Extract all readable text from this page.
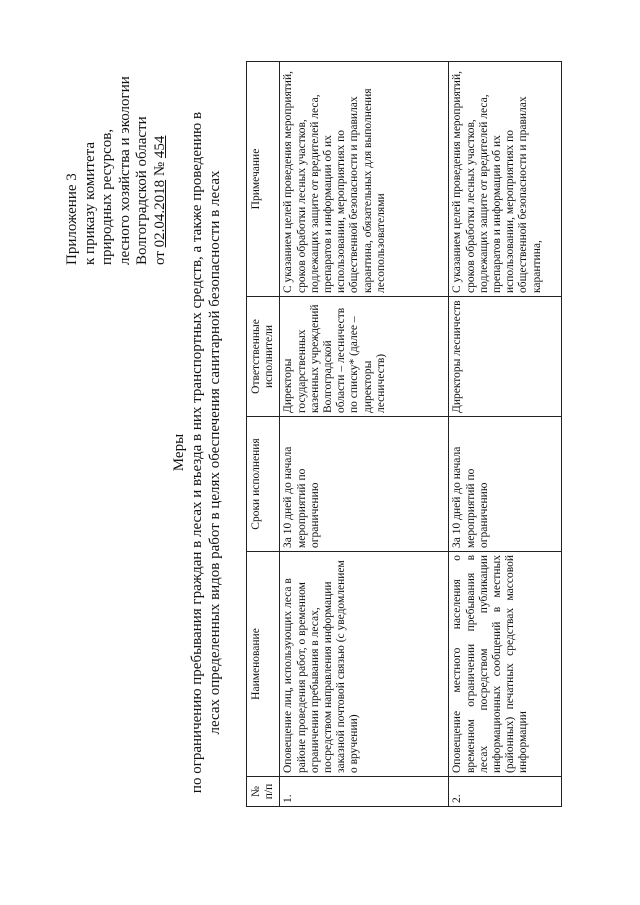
Приложение 3 к приказу комитета природных ресурсов, лесного хозяйства и экологии Волгоградской области от 02.04.2018 № 454
Меры по ограничению пребывания граждан в лесах и въезда в них транспортных средств, а также проведению в лесах определенных видов работ в целях обеспечения санитарной безопасности в лесах
№ п/п	Наименование	Сроки исполнения	Ответственные исполнители	Примечание
1.	Оповещение лиц, использующих леса в районе проведения работ, о временном ограничении пребывания в лесах, посредством направления информации заказной почтовой связью (с уведомлением о вручении)	За 10 дней до начала мероприятий по ограничению	Директоры государственных казенных учреждений Волгоградской области – лесничеств по списку* (далее – директоры лесничеств)	С указанием целей проведения мероприятий, сроков обработки лесных участков, подлежащих защите от вредителей леса, препаратов и информации об их использовании, мероприятиях по общественной безопасности и правилах карантина, обязательных для выполнения лесопользователями

2.	Оповещение местного населения о временном ограничении пребывания в лесах посредством публикации информационных сообщений в местных (районных) печатных средствах массовой информации	За 10 дней до начала мероприятий по ограничению	Директоры лесничеств	С указанием целей проведения мероприятий, сроков обработки лесных участков, подлежащих защите от вредителей леса, препаратов и информации об их использовании, мероприятиях по общественной безопасности и правилах карантина,
